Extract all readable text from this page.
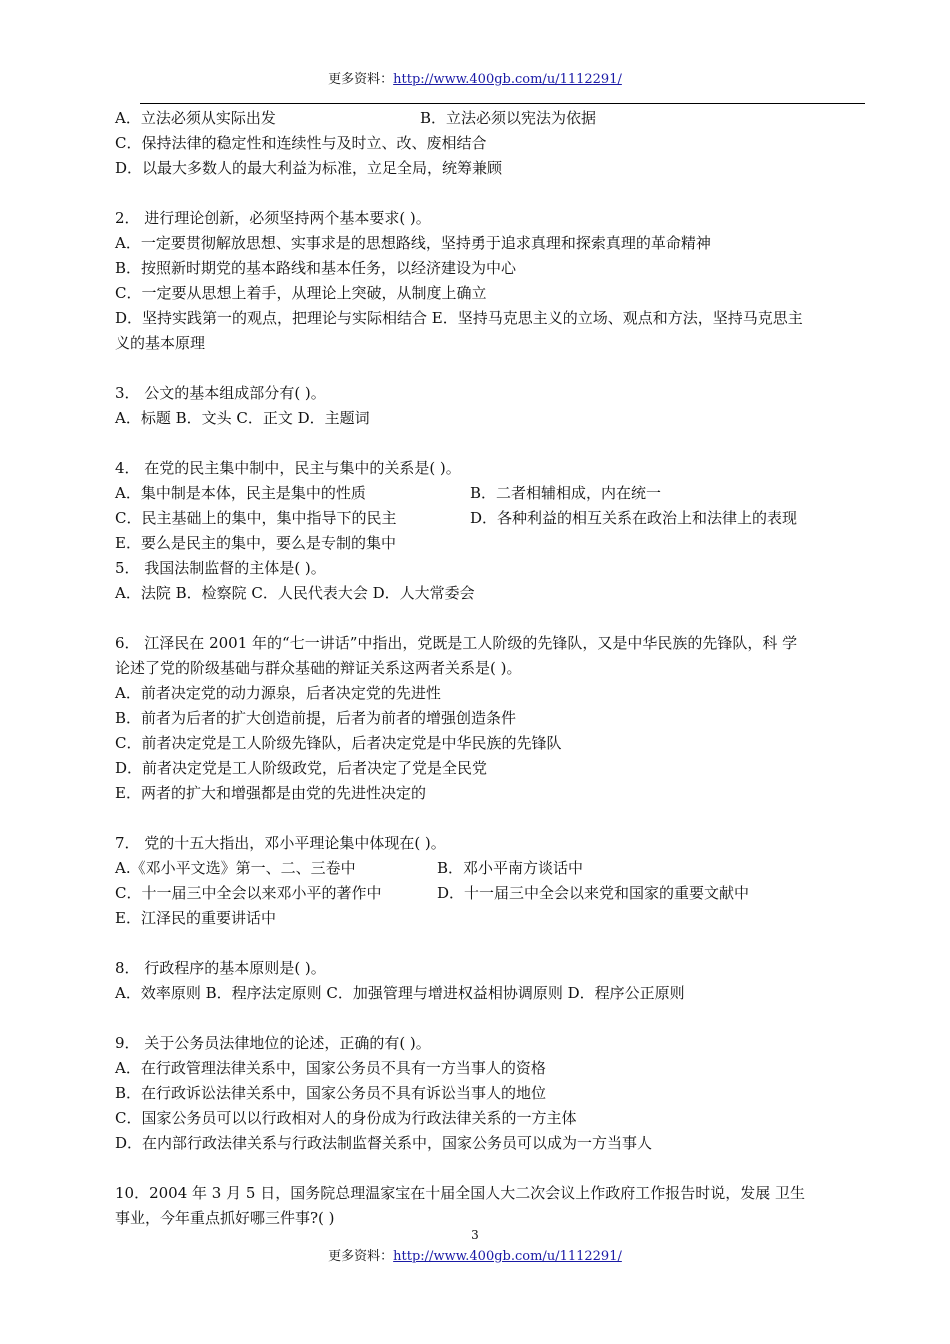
更多资料：http://www.400gb.com/u/1112291/
A．立法必须从实际出发	B．立法必须以宪法为依据
C．保持法律的稳定性和连续性与及时立、改、废相结合
D．以最大多数人的最大利益为标准，立足全局，统筹兼顾
2． 进行理论创新，必须坚持两个基本要求( )。
A．一定要贯彻解放思想、实事求是的思想路线，坚持勇于追求真理和探索真理的革命精神
B．按照新时期党的基本路线和基本任务，以经济建设为中心
C．一定要从思想上着手，从理论上突破，从制度上确立
D．坚持实践第一的观点，把理论与实际相结合 E．坚持马克思主义的立场、观点和方法，坚持马克思主
义的基本原理
3． 公文的基本组成部分有( )。
A．标题 B．文头 C．正文 D．主题词
4． 在党的民主集中制中，民主与集中的关系是( )。
A．集中制是本体，民主是集中的性质	B．二者相辅相成，内在统一
C．民主基础上的集中，集中指导下的民主	D．各种利益的相互关系在政治上和法律上的表现
E．要么是民主的集中，要么是专制的集中
5． 我国法制监督的主体是( )。
A．法院 B．检察院 C．人民代表大会 D．人大常委会
6． 江泽民在 2001 年的“七一讲话”中指出，党既是工人阶级的先锋队，又是中华民族的先锋队，科 学
论述了党的阶级基础与群众基础的辩证关系这两者关系是( )。
A．前者决定党的动力源泉，后者决定党的先进性
B．前者为后者的扩大创造前提，后者为前者的增强创造条件
C．前者决定党是工人阶级先锋队，后者决定党是中华民族的先锋队
D．前者决定党是工人阶级政党，后者决定了党是全民党
E．两者的扩大和增强都是由党的先进性决定的
7． 党的十五大指出，邓小平理论集中体现在( )。
A.《邓小平文选》第一、二、三卷中	B．邓小平南方谈话中
C．十一届三中全会以来邓小平的著作中	D．十一届三中全会以来党和国家的重要文献中
E．江泽民的重要讲话中
8． 行政程序的基本原则是( )。
A．效率原则 B．程序法定原则 C．加强管理与增进权益相协调原则 D．程序公正原则
9． 关于公务员法律地位的论述，正确的有( )。
A．在行政管理法律关系中，国家公务员不具有一方当事人的资格
B．在行政诉讼法律关系中，国家公务员不具有诉讼当事人的地位
C．国家公务员可以以行政相对人的身份成为行政法律关系的一方主体
D．在内部行政法律关系与行政法制监督关系中，国家公务员可以成为一方当事人
10．2004 年 3 月 5 日，国务院总理温家宝在十届全国人大二次会议上作政府工作报告时说，发展 卫生
事业，今年重点抓好哪三件事?( )
3
更多资料：http://www.400gb.com/u/1112291/
